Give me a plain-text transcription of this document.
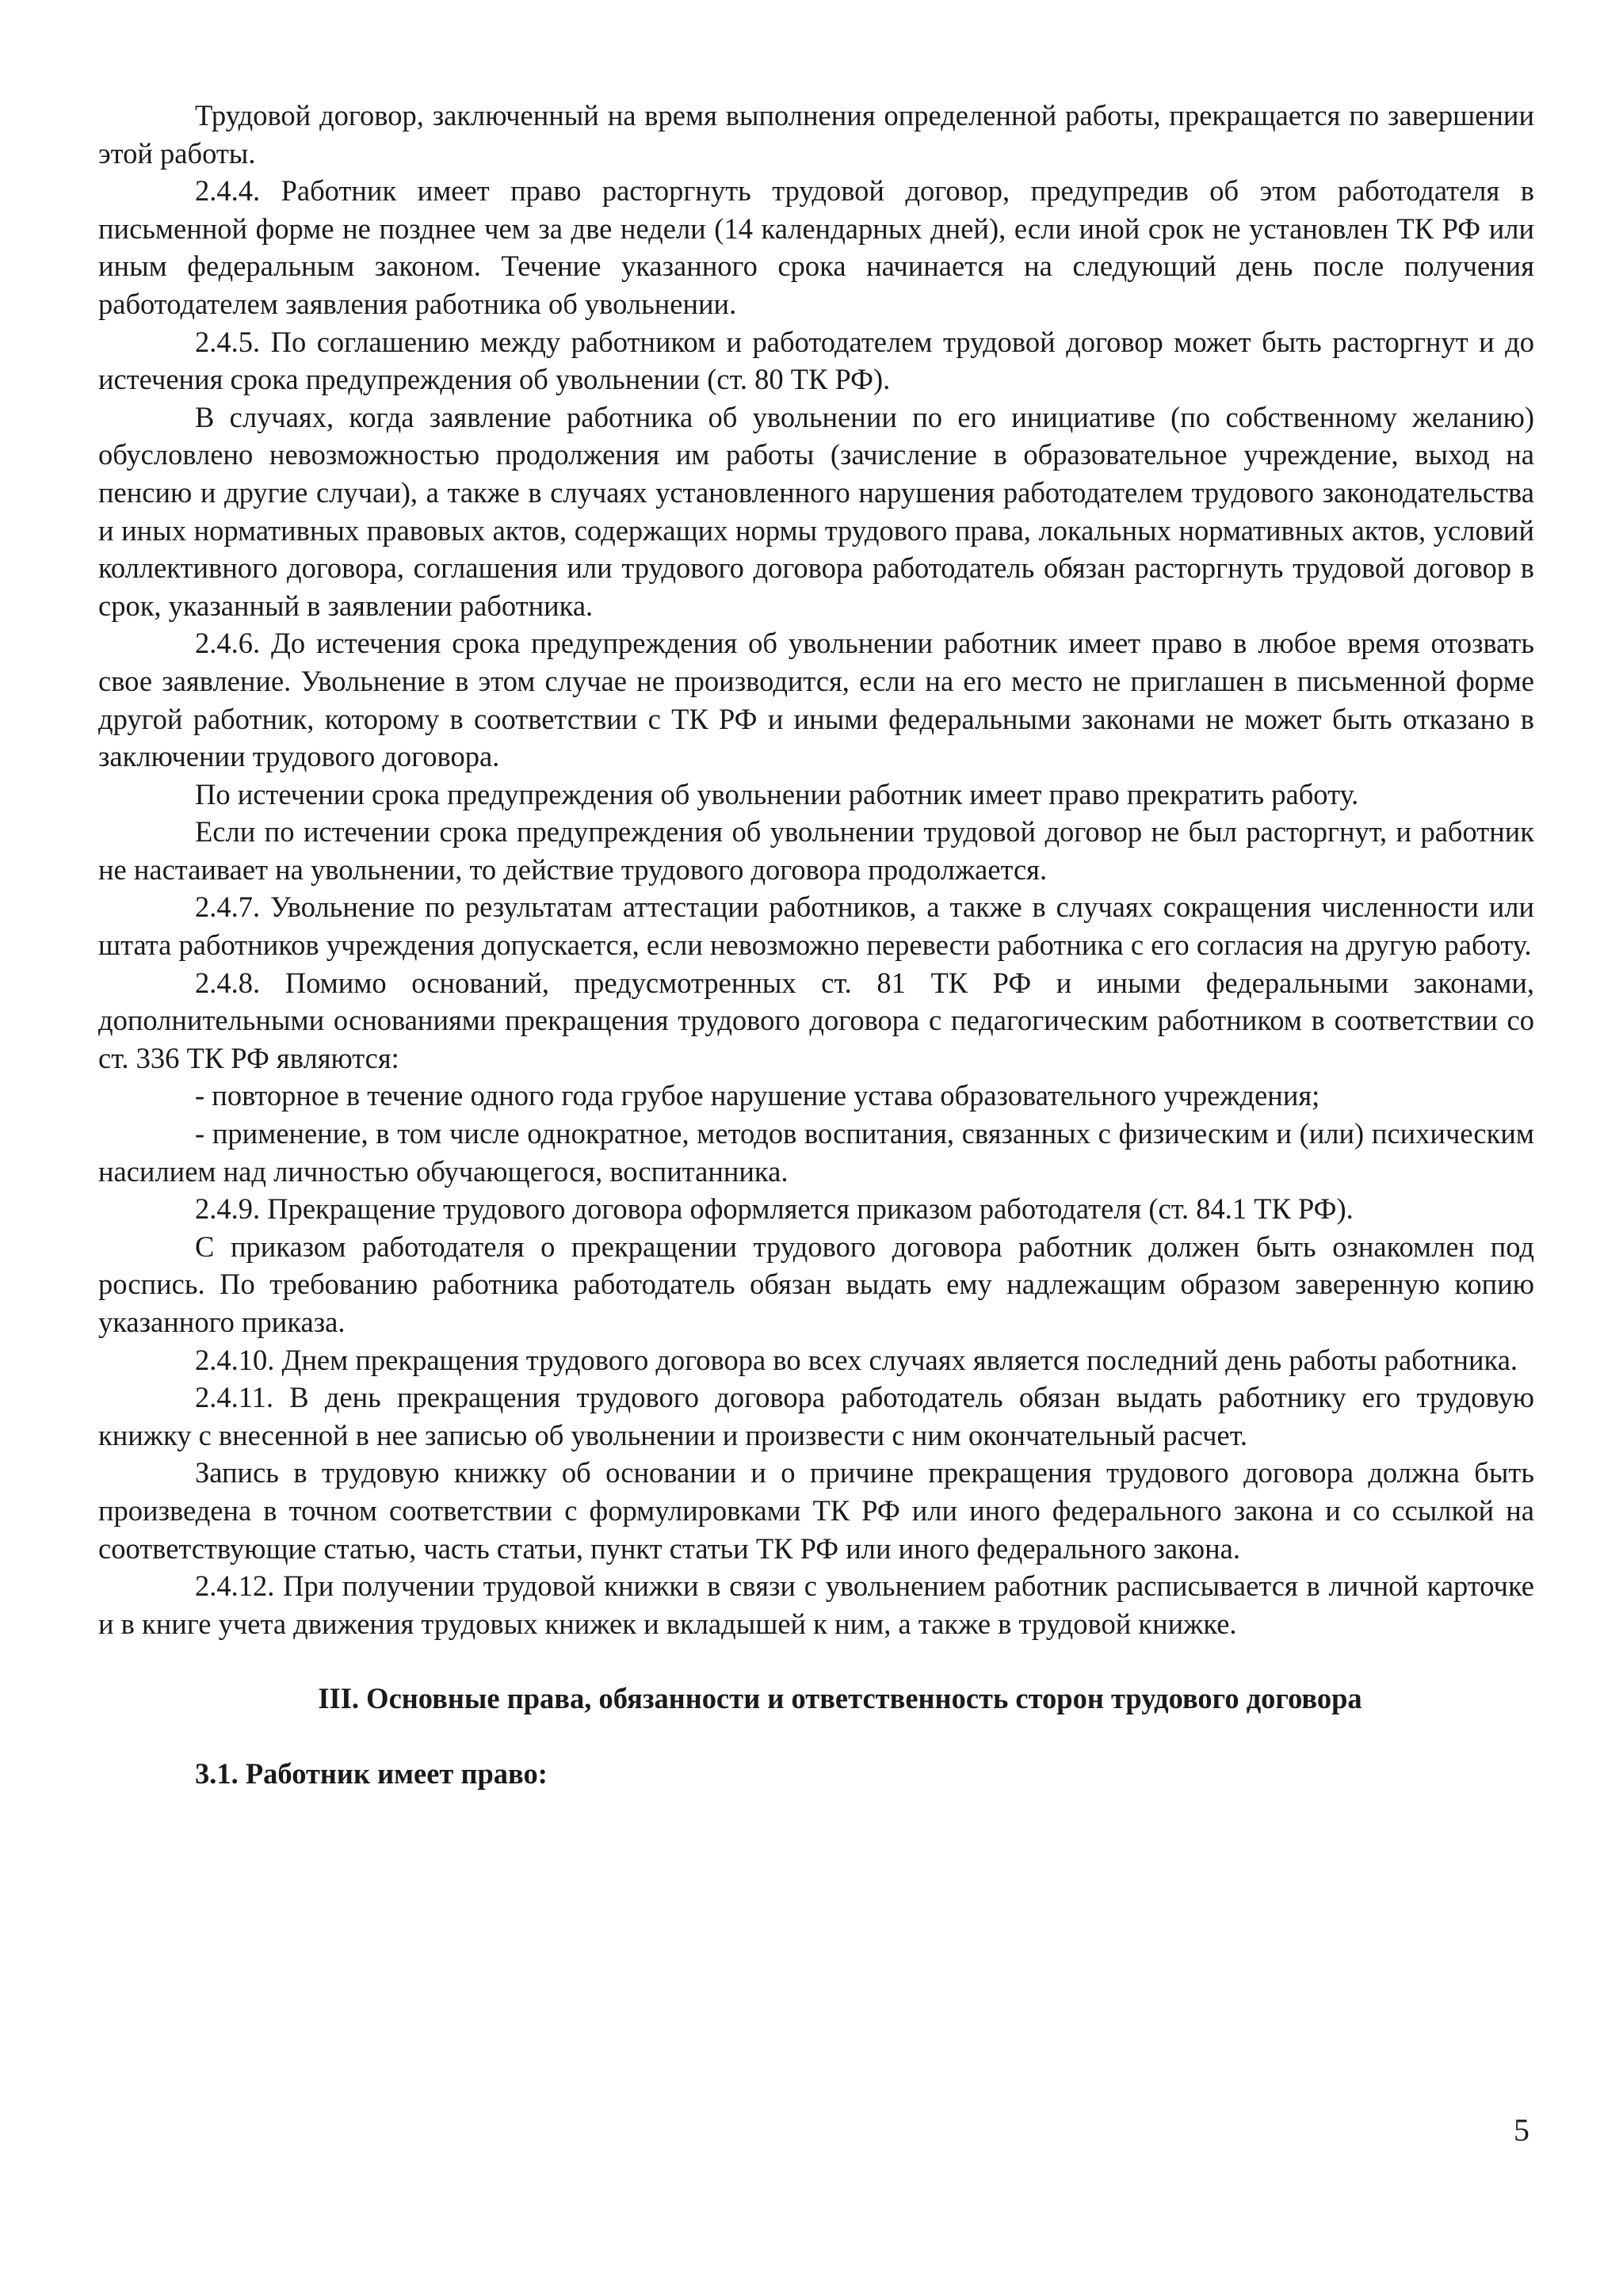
Трудовой договор, заключенный на время выполнения определенной работы, прекращается по завершении этой работы.

2.4.4. Работник имеет право расторгнуть трудовой договор, предупредив об этом работодателя в письменной форме не позднее чем за две недели (14 календарных дней), если иной срок не установлен ТК РФ или иным федеральным законом. Течение указанного срока начинается на следующий день после получения работодателем заявления работника об увольнении.

2.4.5. По соглашению между работником и работодателем трудовой договор может быть расторгнут и до истечения срока предупреждения об увольнении (ст. 80 ТК РФ).

В случаях, когда заявление работника об увольнении по его инициативе (по собственному желанию) обусловлено невозможностью продолжения им работы (зачисление в образовательное учреждение, выход на пенсию и другие случаи), а также в случаях установленного нарушения работодателем трудового законодательства и иных нормативных правовых актов, содержащих нормы трудового права, локальных нормативных актов, условий коллективного договора, соглашения или трудового договора работодатель обязан расторгнуть трудовой договор в срок, указанный в заявлении работника.

2.4.6. До истечения срока предупреждения об увольнении работник имеет право в любое время отозвать свое заявление. Увольнение в этом случае не производится, если на его место не приглашен в письменной форме другой работник, которому в соответствии с ТК РФ и иными федеральными законами не может быть отказано в заключении трудового договора.

По истечении срока предупреждения об увольнении работник имеет право прекратить работу.

Если по истечении срока предупреждения об увольнении трудовой договор не был расторгнут, и работник не настаивает на увольнении, то действие трудового договора продолжается.

2.4.7. Увольнение по результатам аттестации работников, а также в случаях сокращения численности или штата работников учреждения допускается, если невозможно перевести работника с его согласия на другую работу.

2.4.8. Помимо оснований, предусмотренных ст. 81 ТК РФ и иными федеральными законами, дополнительными основаниями прекращения трудового договора с педагогическим работником в соответствии со ст. 336 ТК РФ являются:

- повторное в течение одного года грубое нарушение устава образовательного учреждения;

- применение, в том числе однократное, методов воспитания, связанных с физическим и (или) психическим насилием над личностью обучающегося, воспитанника.

2.4.9. Прекращение трудового договора оформляется приказом работодателя (ст. 84.1 ТК РФ).

С приказом работодателя о прекращении трудового договора работник должен быть ознакомлен под роспись. По требованию работника работодатель обязан выдать ему надлежащим образом заверенную копию указанного приказа.

2.4.10. Днем прекращения трудового договора во всех случаях является последний день работы работника.

2.4.11. В день прекращения трудового договора работодатель обязан выдать работнику его трудовую книжку с внесенной в нее записью об увольнении и произвести с ним окончательный расчет.

Запись в трудовую книжку об основании и о причине прекращения трудового договора должна быть произведена в точном соответствии с формулировками ТК РФ или иного федерального закона и со ссылкой на соответствующие статью, часть статьи, пункт статьи ТК РФ или иного федерального закона.

2.4.12. При получении трудовой книжки в связи с увольнением работник расписывается в личной карточке и в книге учета движения трудовых книжек и вкладышей к ним, а также в трудовой книжке.

III. Основные права, обязанности и ответственность сторон трудового договора
3.1. Работник имеет право:
5
